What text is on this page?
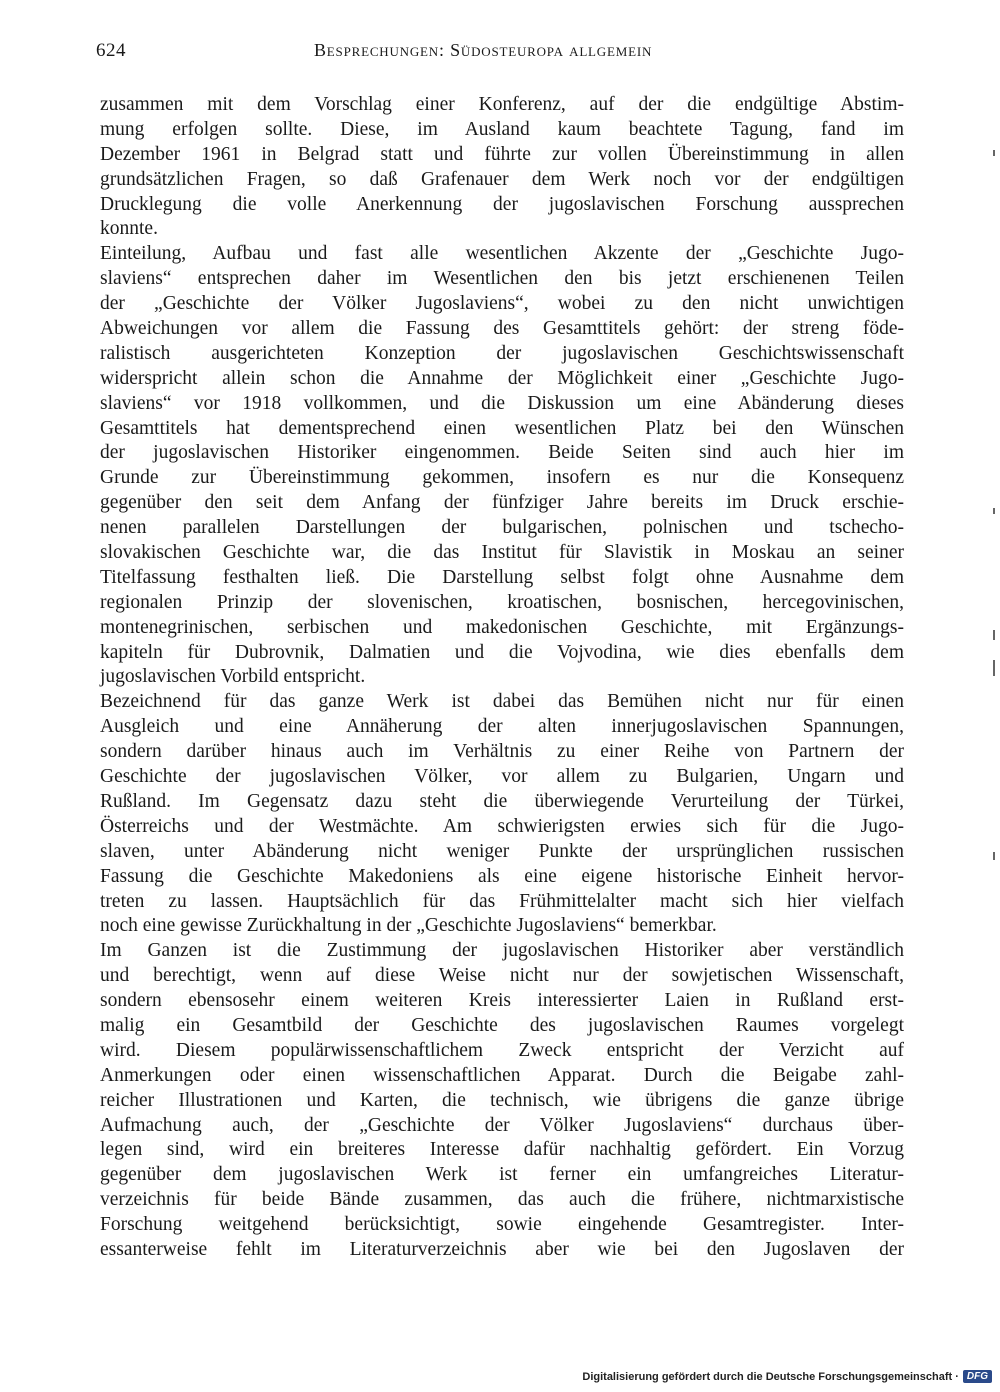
624	Besprechungen: Südosteuropa allgemein
zusammen mit dem Vorschlag einer Konferenz, auf der die endgültige Abstim-
mung erfolgen sollte. Diese, im Ausland kaum beachtete Tagung, fand im
Dezember 1961 in Belgrad statt und führte zur vollen Übereinstimmung in allen
grundsätzlichen Fragen, so daß Grafenauer dem Werk noch vor der endgültigen
Drucklegung die volle Anerkennung der jugoslavischen Forschung aussprechen
konnte.
Einteilung, Aufbau und fast alle wesentlichen Akzente der „Geschichte Jugo-
slaviens“ entsprechen daher im Wesentlichen den bis jetzt erschienenen Teilen
der „Geschichte der Völker Jugoslaviens“, wobei zu den nicht unwichtigen
Abweichungen vor allem die Fassung des Gesamttitels gehört: der streng föde-
ralistisch ausgerichteten Konzeption der jugoslavischen Geschichtswissenschaft
widerspricht allein schon die Annahme der Möglichkeit einer „Geschichte Jugo-
slaviens“ vor 1918 vollkommen, und die Diskussion um eine Abänderung dieses
Gesamttitels hat dementsprechend einen wesentlichen Platz bei den Wünschen
der jugoslavischen Historiker eingenommen. Beide Seiten sind auch hier im
Grunde zur Übereinstimmung gekommen, insofern es nur die Konsequenz
gegenüber den seit dem Anfang der fünfziger Jahre bereits im Druck erschie-
nenen parallelen Darstellungen der bulgarischen, polnischen und tschecho-
slovakischen Geschichte war, die das Institut für Slavistik in Moskau an seiner
Titelfassung festhalten ließ. Die Darstellung selbst folgt ohne Ausnahme dem
regionalen Prinzip der slovenischen, kroatischen, bosnischen, hercegovinischen,
montenegrinischen, serbischen und makedonischen Geschichte, mit Ergänzungs-
kapiteln für Dubrovnik, Dalmatien und die Vojvodina, wie dies ebenfalls dem
jugoslavischen Vorbild entspricht.
Bezeichnend für das ganze Werk ist dabei das Bemühen nicht nur für einen
Ausgleich und eine Annäherung der alten innerjugoslavischen Spannungen,
sondern darüber hinaus auch im Verhältnis zu einer Reihe von Partnern der
Geschichte der jugoslavischen Völker, vor allem zu Bulgarien, Ungarn und
Rußland. Im Gegensatz dazu steht die überwiegende Verurteilung der Türkei,
Österreichs und der Westmächte. Am schwierigsten erwies sich für die Jugo-
slaven, unter Abänderung nicht weniger Punkte der ursprünglichen russischen
Fassung die Geschichte Makedoniens als eine eigene historische Einheit hervor-
treten zu lassen. Hauptsächlich für das Frühmittelalter macht sich hier vielfach
noch eine gewisse Zurückhaltung in der „Geschichte Jugoslaviens“ bemerkbar.
Im Ganzen ist die Zustimmung der jugoslavischen Historiker aber verständlich
und berechtigt, wenn auf diese Weise nicht nur der sowjetischen Wissenschaft,
sondern ebensosehr einem weiteren Kreis interessierter Laien in Rußland erst-
malig ein Gesamtbild der Geschichte des jugoslavischen Raumes vorgelegt
wird. Diesem populärwissenschaftlichem Zweck entspricht der Verzicht auf
Anmerkungen oder einen wissenschaftlichen Apparat. Durch die Beigabe zahl-
reicher Illustrationen und Karten, die technisch, wie übrigens die ganze übrige
Aufmachung auch, der „Geschichte der Völker Jugoslaviens“ durchaus über-
legen sind, wird ein breiteres Interesse dafür nachhaltig gefördert. Ein Vorzug
gegenüber dem jugoslavischen Werk ist ferner ein umfangreiches Literatur-
verzeichnis für beide Bände zusammen, das auch die frühere, nichtmarxistische
Forschung weitgehend berücksichtigt, sowie eingehende Gesamtregister. Inter-
essanterweise fehlt im Literaturverzeichnis aber wie bei den Jugoslaven der
Digitalisierung gefördert durch die Deutsche Forschungsgemeinschaft · DFG
